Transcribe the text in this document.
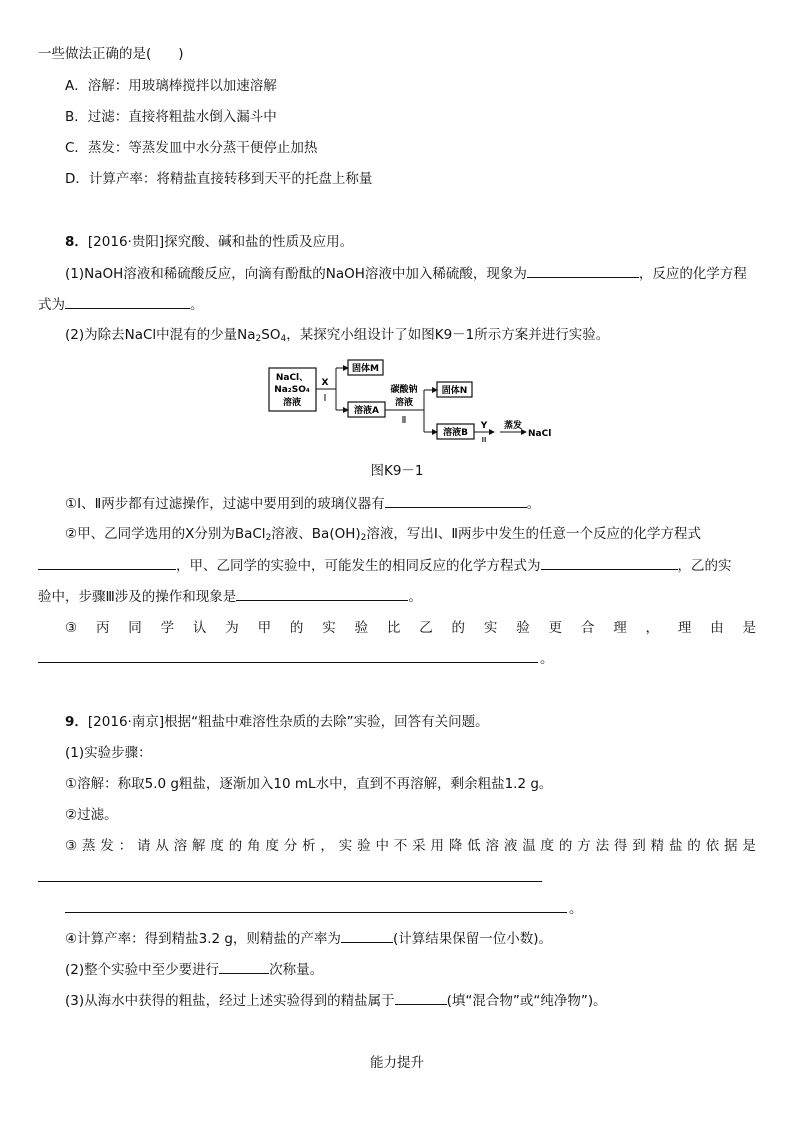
一些做法正确的是(　　)
A．溶解：用玻璃棒搅拌以加速溶解
B．过滤：直接将粗盐水倒入漏斗中
C．蒸发：等蒸发皿中水分蒸干便停止加热
D．计算产率：将精盐直接转移到天平的托盘上称量
8．[2016·贵阳]探究酸、碱和盐的性质及应用。
(1)NaOH溶液和稀硫酸反应，向滴有酚酞的NaOH溶液中加入稀硫酸，现象为	，反应的化学方程
式为	。
(2)为除去NaCl中混有的少量$Na_2SO_4$，某探究小组设计了如图K9－1所示方案并进行实验。
NaCl、
Na₂SO₄
溶液
X
Ⅰ
固体M
溶液A
碳酸钠
溶液
Ⅱ
固体N
溶液B
Y
Ⅲ
蒸发
NaCl
图K9－1
①Ⅰ、Ⅱ两步都有过滤操作，过滤中要用到的玻璃仪器有	。
②甲、乙同学选用的X分别为BaCl$_2$溶液、$Ba(OH)_2$溶液，写出Ⅰ、Ⅱ两步中发生的任意一个反应的化学方程式
，甲、乙同学的实验中，可能发生的相同反应的化学方程式为	，乙的实
验中，步骤Ⅲ涉及的操作和现象是	。
③ 丙 同 学 认 为 甲 的 实 验 比 乙 的 实 验 更 合 理 ， 理 由 是
。
9．[2016·南京]根据“粗盐中难溶性杂质的去除”实验，回答有关问题。
(1)实验步骤：
①溶解：称取5.0 g粗盐，逐渐加入10 mL水中，直到不再溶解，剩余粗盐1.2 g。
②过滤。
③ 蒸 发 ： 请 从 溶 解 度 的 角 度 分 析 ， 实 验 中 不 采 用 降 低 溶 液 温 度 的 方 法 得 到 精 盐 的 依 据 是
。
④计算产率：得到精盐3.2 g，则精盐的产率为	(计算结果保留一位小数)。
(2)整个实验中至少要进行	次称量。
(3)从海水中获得的粗盐，经过上述实验得到的精盐属于	(填“混合物”或“纯净物”)。
能力提升
